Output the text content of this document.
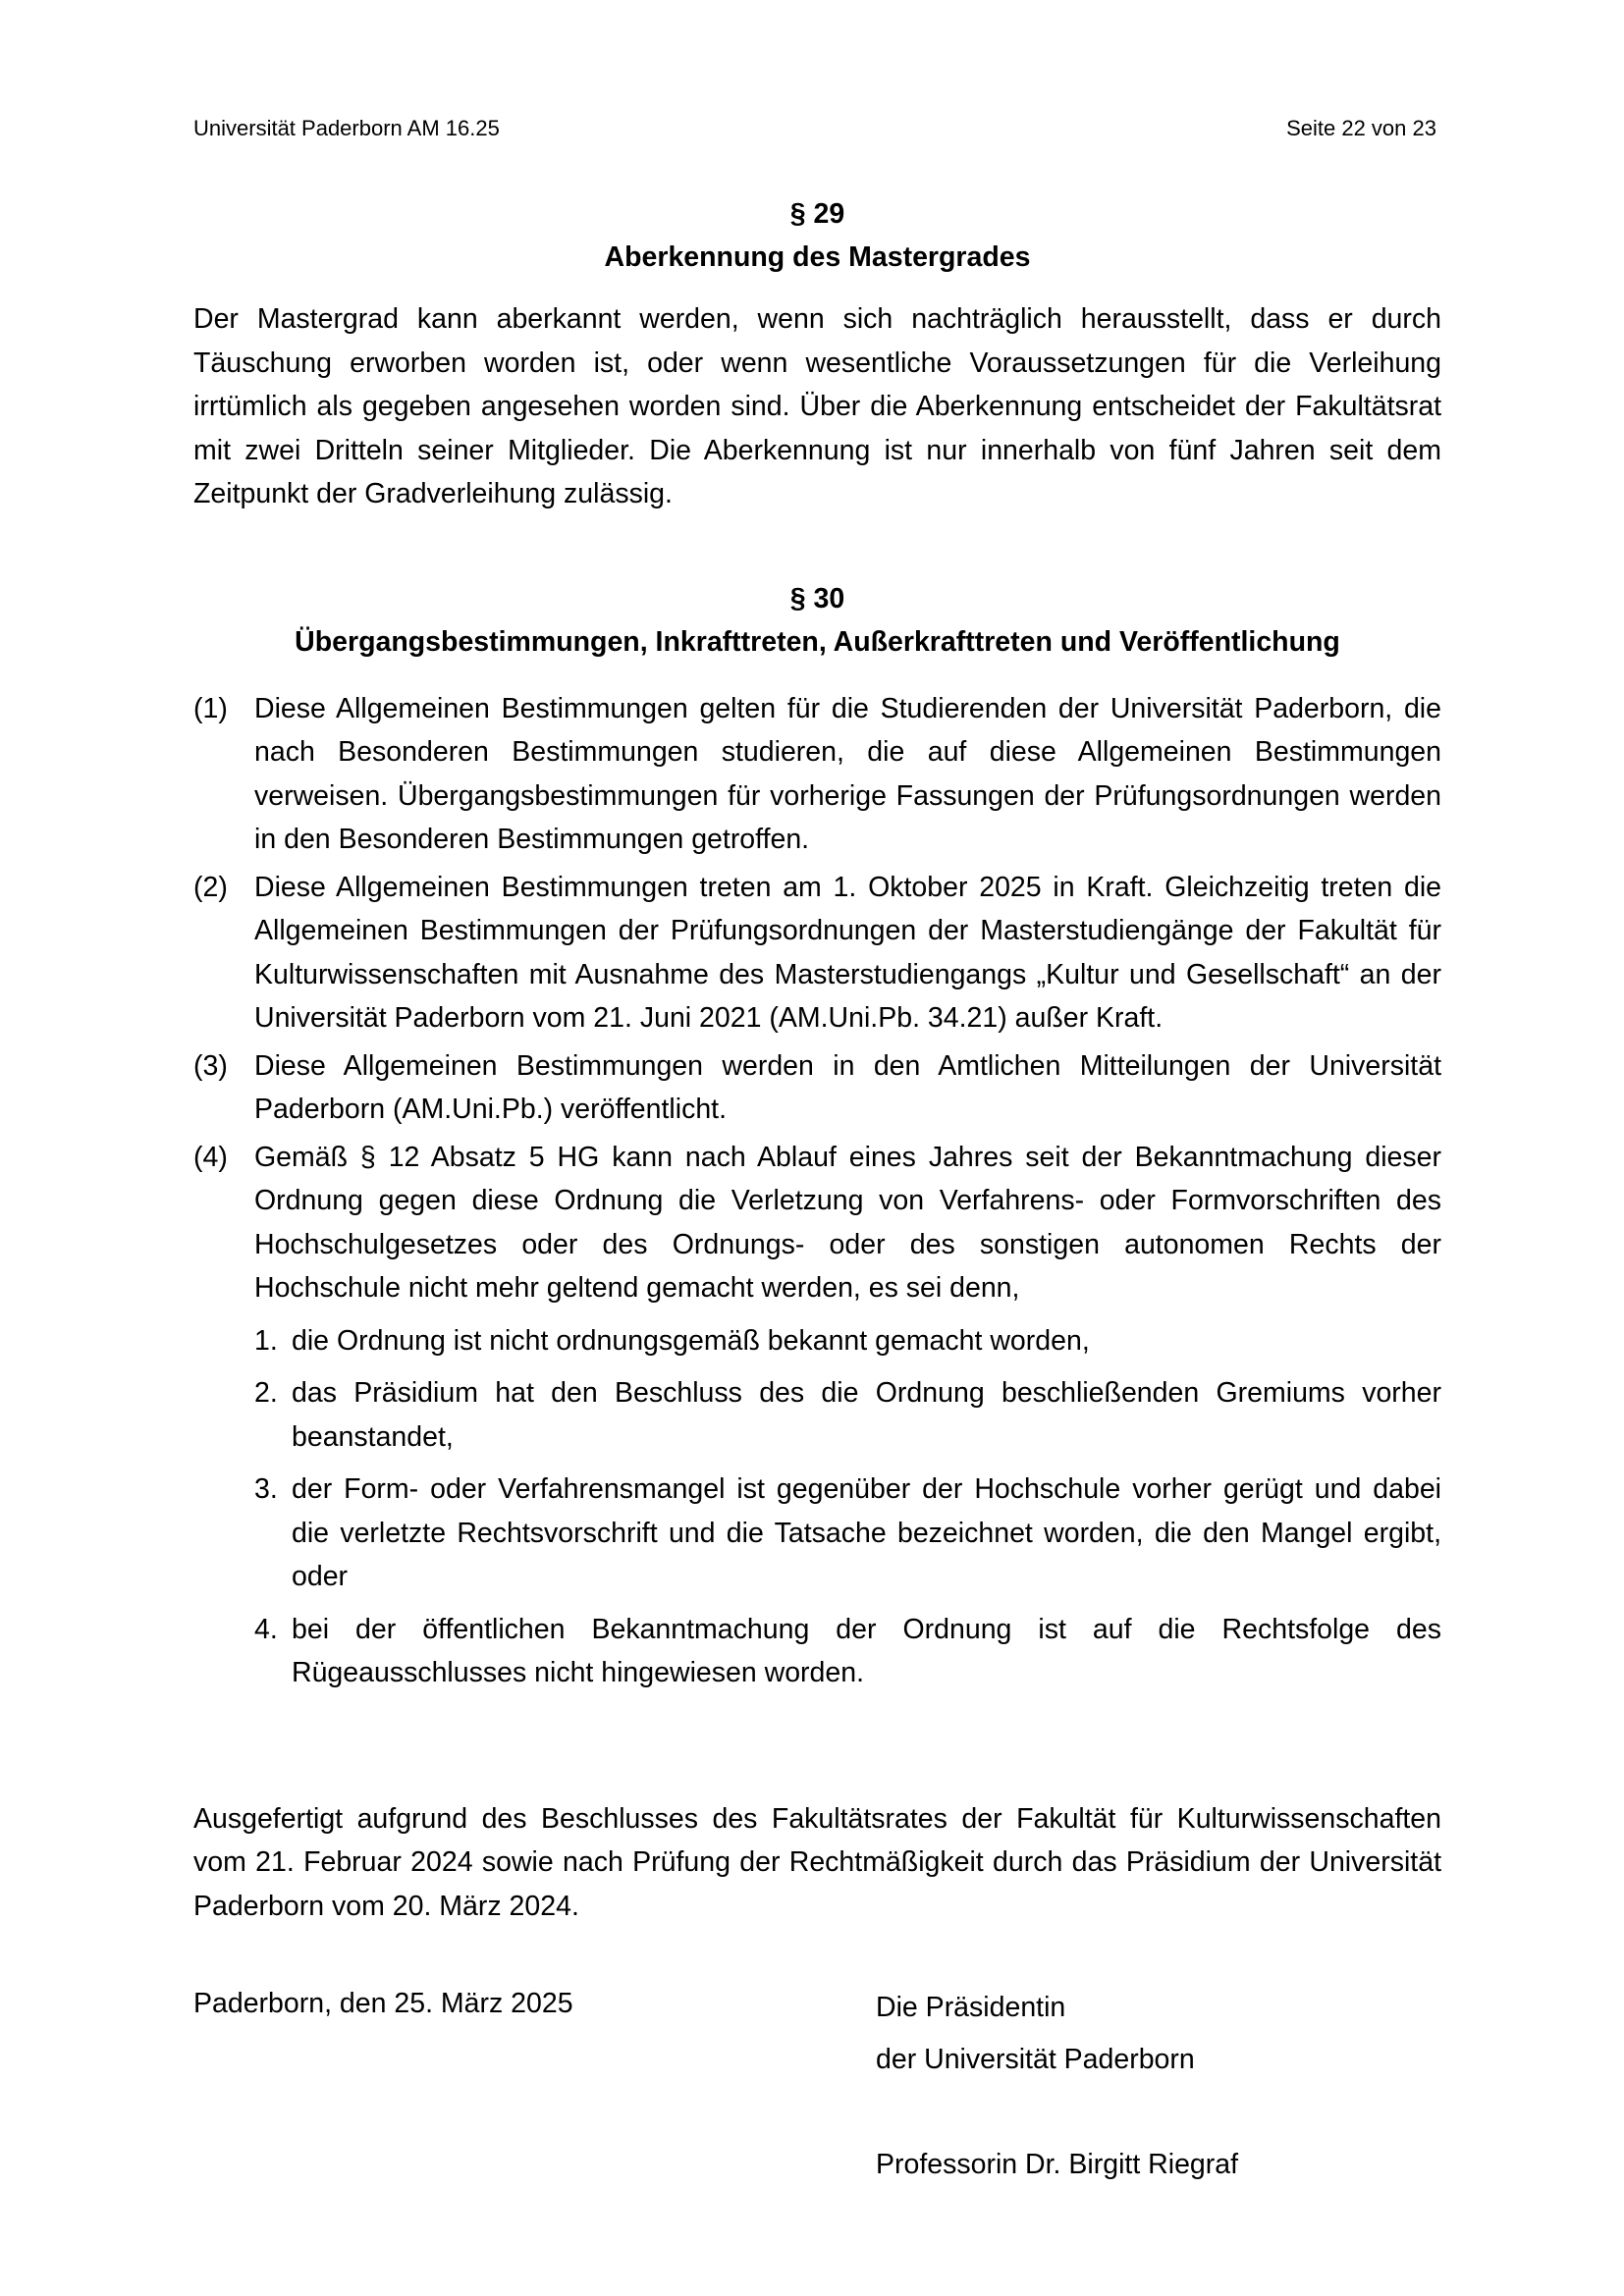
Universität Paderborn AM 16.25	Seite 22 von 23
§ 29
Aberkennung des Mastergrades

Der Mastergrad kann aberkannt werden, wenn sich nachträglich herausstellt, dass er durch Täuschung erworben worden ist, oder wenn wesentliche Voraussetzungen für die Verleihung irrtümlich als gegeben angesehen worden sind. Über die Aberkennung entscheidet der Fakultätsrat mit zwei Dritteln seiner Mitglieder. Die Aberkennung ist nur innerhalb von fünf Jahren seit dem Zeitpunkt der Gradverleihung zulässig.

§ 30
Übergangsbestimmungen, Inkrafttreten, Außerkrafttreten und Veröffentlichung
(1) Diese Allgemeinen Bestimmungen gelten für die Studierenden der Universität Paderborn, die nach Besonderen Bestimmungen studieren, die auf diese Allgemeinen Bestimmungen verweisen. Übergangsbestimmungen für vorherige Fassungen der Prüfungsordnungen werden in den Besonderen Bestimmungen getroffen.

(2) Diese Allgemeinen Bestimmungen treten am 1. Oktober 2025 in Kraft. Gleichzeitig treten die Allgemeinen Bestimmungen der Prüfungsordnungen der Masterstudiengänge der Fakultät für Kulturwissenschaften mit Ausnahme des Masterstudiengangs „Kultur und Gesellschaft“ an der Universität Paderborn vom 21. Juni 2021 (AM.Uni.Pb. 34.21) außer Kraft.

(3) Diese Allgemeinen Bestimmungen werden in den Amtlichen Mitteilungen der Universität Paderborn (AM.Uni.Pb.) veröffentlicht.

(4) Gemäß § 12 Absatz 5 HG kann nach Ablauf eines Jahres seit der Bekanntmachung dieser Ordnung gegen diese Ordnung die Verletzung von Verfahrens- oder Formvorschriften des Hochschulgesetzes oder des Ordnungs- oder des sonstigen autonomen Rechts der Hochschule nicht mehr geltend gemacht werden, es sei denn,

1. die Ordnung ist nicht ordnungsgemäß bekannt gemacht worden,

2. das Präsidium hat den Beschluss des die Ordnung beschließenden Gremiums vorher beanstandet,

3. der Form- oder Verfahrensmangel ist gegenüber der Hochschule vorher gerügt und dabei die verletzte Rechtsvorschrift und die Tatsache bezeichnet worden, die den Mangel ergibt, oder

4. bei der öffentlichen Bekanntmachung der Ordnung ist auf die Rechtsfolge des Rügeausschlusses nicht hingewiesen worden.

Ausgefertigt aufgrund des Beschlusses des Fakultätsrates der Fakultät für Kulturwissenschaften vom 21. Februar 2024 sowie nach Prüfung der Rechtmäßigkeit durch das Präsidium der Universität Paderborn vom 20. März 2024.

Paderborn, den 25. März 2025	Die Präsidentin
der Universität Paderborn
Professorin Dr. Birgitt Riegraf
